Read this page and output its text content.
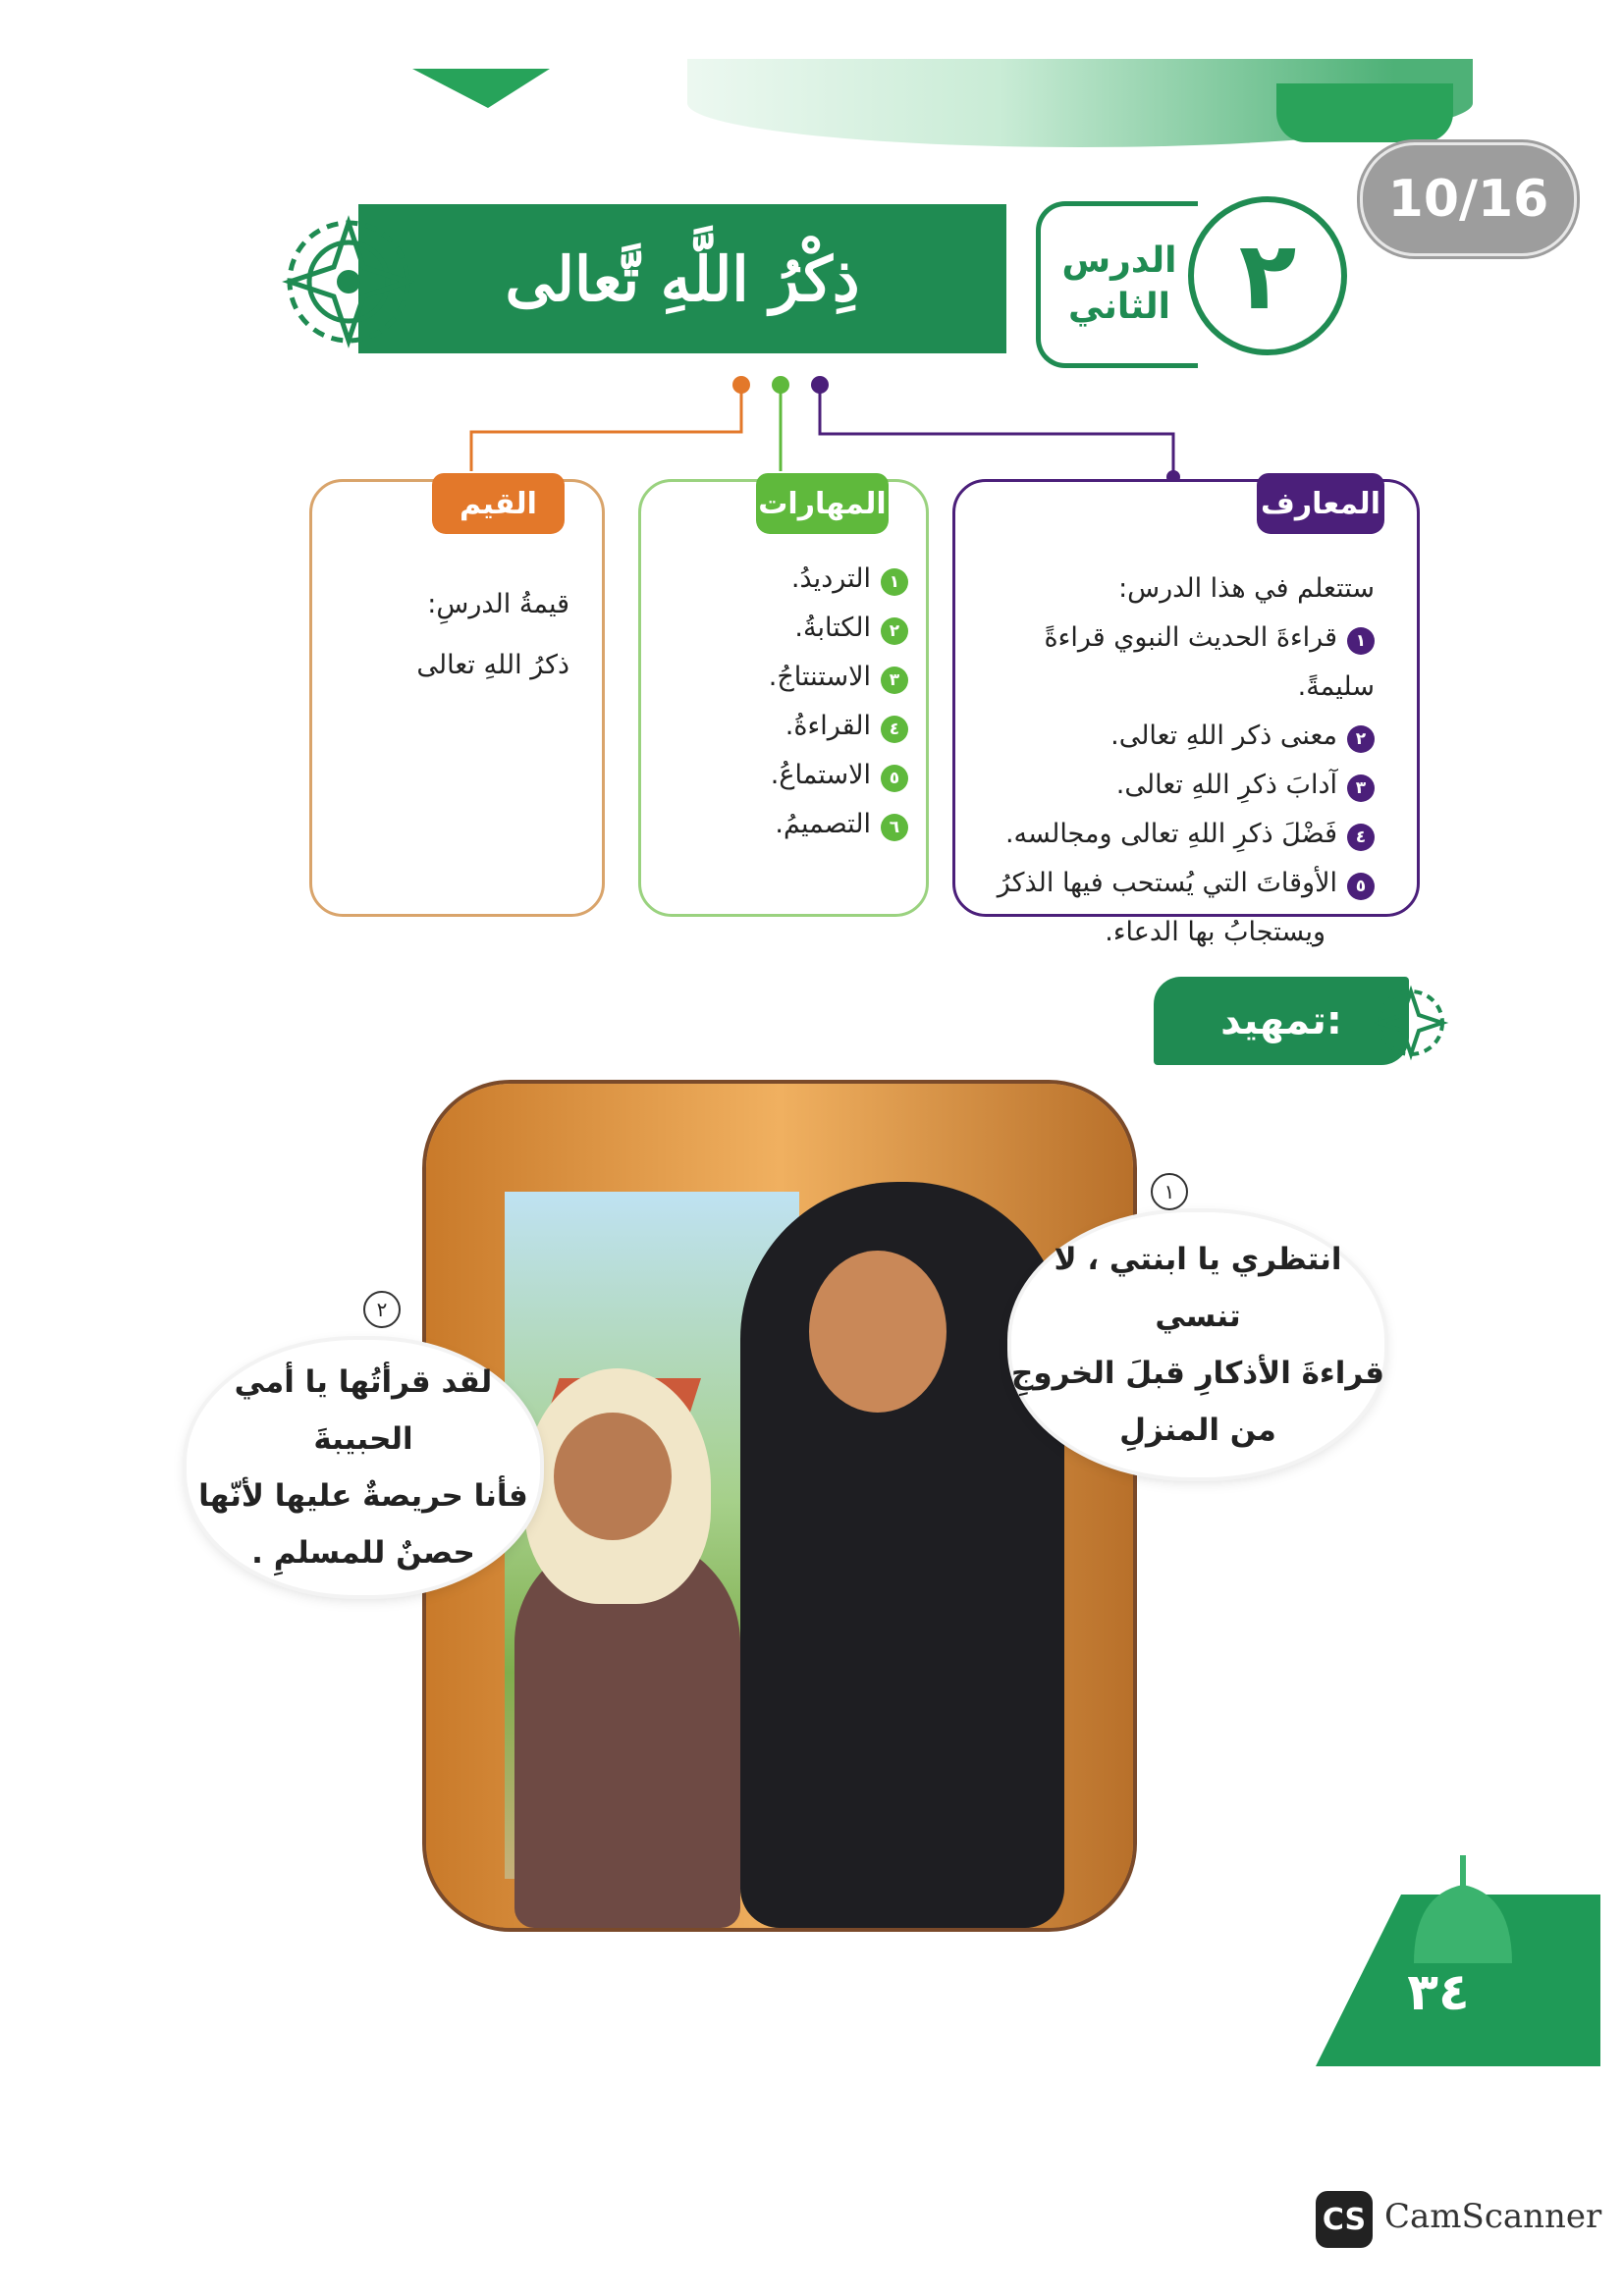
10/16
٢
الدرس
الثاني
ذِكْرُ اللَّهِ تَّعالى
المعارف
ستتعلم في هذا الدرس:
١قراءةَ الحديث النبوي قراءةً سليمةً.
٢معنى ذكر اللهِ تعالى.
٣آدابَ ذكرِ اللهِ تعالى.
٤فَضْلَ ذكرِ اللهِ تعالى ومجالسه.
٥الأوقاتَ التي يُستحب فيها الذكرُ
ويستجابُ بها الدعاء.
المهارات
١الترديدُ.
٢الكتابةُ.
٣الاستنتاجُ.
٤القراءةُ.
٥الاستماعُ.
٦التصميمُ.
القيم
قيمةُ الدرسِ:
ذكرُ اللهِ تعالى
تمهيد:
انتظري يا ابنتي ، لا تنسي
قراءةَ الأذكارِ قبلَ الخروجِ
من المنزلِ
١
لقد قرأتُها يا أمي الحبيبةَ
فأنا حريصةٌ عليها لأنّها
حصنٌ للمسلمِ .
٢
٣٤
CS CamScanner
